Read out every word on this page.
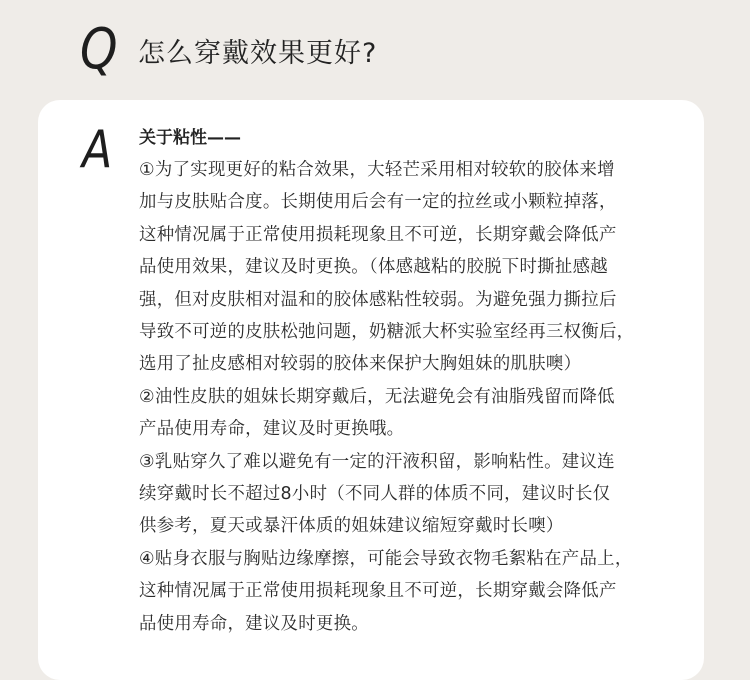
Q 怎么穿戴效果更好?
A 关于粘性——
①为了实现更好的粘合效果，大轻芒采用相对较软的胶体来增
加与皮肤贴合度。长期使用后会有一定的拉丝或小颗粒掉落，
这种情况属于正常使用损耗现象且不可逆，长期穿戴会降低产
品使用效果，建议及时更换。（体感越粘的胶脱下时撕扯感越
强，但对皮肤相对温和的胶体感粘性较弱。为避免强力撕拉后
导致不可逆的皮肤松弛问题，奶糖派大杯实验室经再三权衡后，
选用了扯皮感相对较弱的胶体来保护大胸姐妹的肌肤噢）
②油性皮肤的姐妹长期穿戴后，无法避免会有油脂残留而降低
产品使用寿命，建议及时更换哦。
③乳贴穿久了难以避免有一定的汗液积留，影响粘性。建议连
续穿戴时长不超过8小时（不同人群的体质不同，建议时长仅
供参考，夏天或暴汗体质的姐妹建议缩短穿戴时长噢）
④贴身衣服与胸贴边缘摩擦，可能会导致衣物毛絮粘在产品上，
这种情况属于正常使用损耗现象且不可逆，长期穿戴会降低产
品使用寿命，建议及时更换。
